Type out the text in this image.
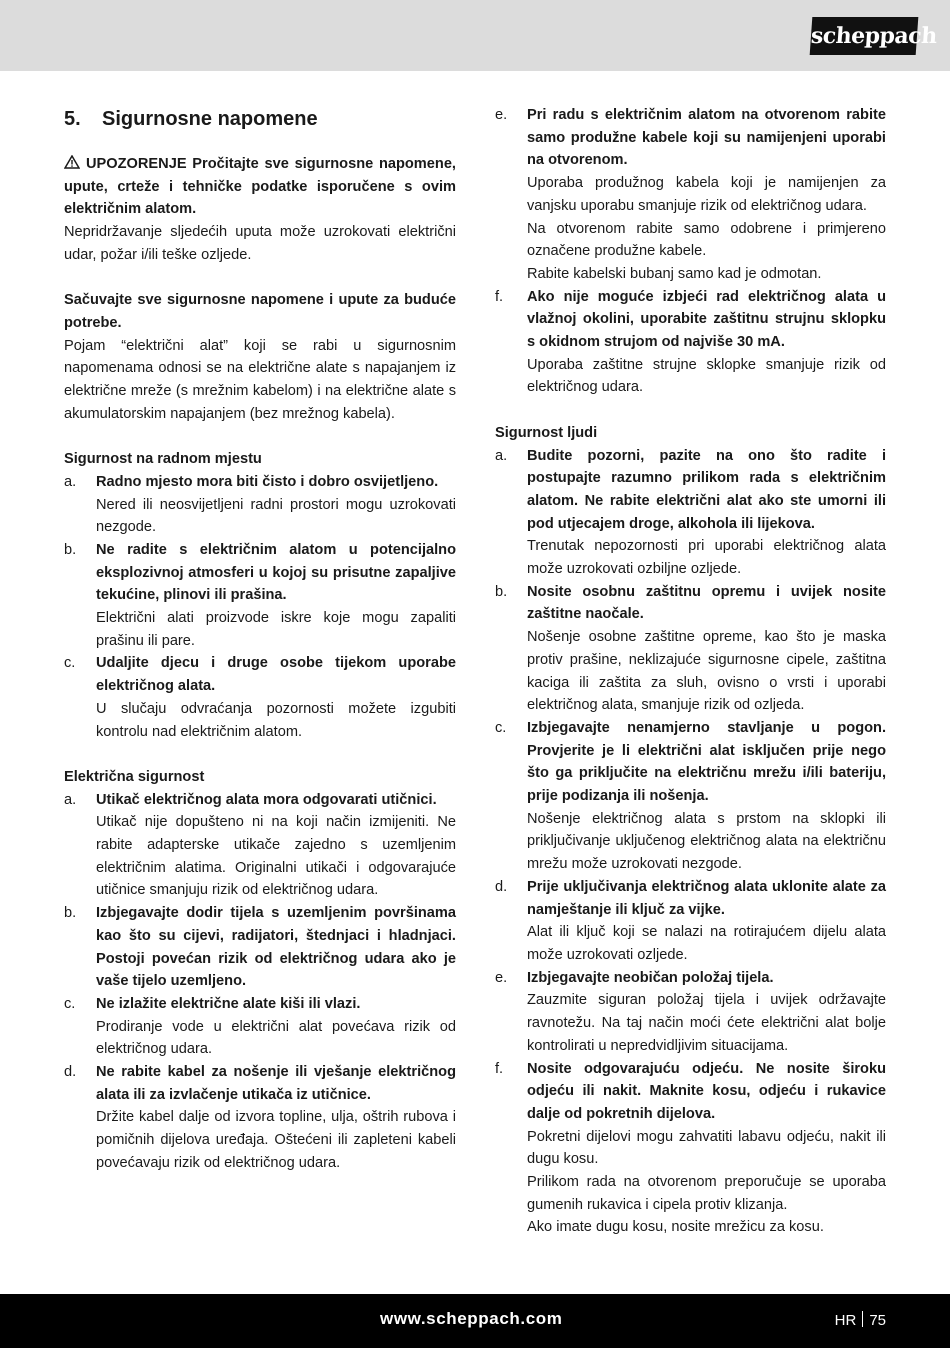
scheppach
5.	Sigurnosne napomene
UPOZORENJE Pročitajte sve sigurnosne napomene, upute, crteže i tehničke podatke isporučene s ovim električnim alatom.
Nepridržavanje sljedećih uputa može uzrokovati električni udar, požar i/ili teške ozljede.
Sačuvajte sve sigurnosne napomene i upute za buduće potrebe.
Pojam “električni alat” koji se rabi u sigurnosnim napomenama odnosi se na električne alate s napajanjem iz električne mreže (s mrežnim kabelom) i na električne alate s akumulatorskim napajanjem (bez mrežnog kabela).
Sigurnost na radnom mjestu
a.	Radno mjesto mora biti čisto i dobro osvijetljeno.
Nered ili neosvijetljeni radni prostori mogu uzrokovati nezgode.
b.	Ne radite s električnim alatom u potencijalno eksplozivnoj atmosferi u kojoj su prisutne zapaljive tekućine, plinovi ili prašina.
Električni alati proizvode iskre koje mogu zapaliti prašinu ili pare.
c.	Udaljite djecu i druge osobe tijekom uporabe električnog alata.
U slučaju odvraćanja pozornosti možete izgubiti kontrolu nad električnim alatom.
Električna sigurnost
a.	Utikač električnog alata mora odgovarati utičnici.
Utikač nije dopušteno ni na koji način izmijeniti. Ne rabite adapterske utikače zajedno s uzemljenim električnim alatima. Originalni utikači i odgovarajuće utičnice smanjuju rizik od električnog udara.
b.	Izbjegavajte dodir tijela s uzemljenim površinama kao što su cijevi, radijatori, štednjaci i hladnjaci. Postoji povećan rizik od električnog udara ako je vaše tijelo uzemljeno.
c.	Ne izlažite električne alate kiši ili vlazi.
Prodiranje vode u električni alat povećava rizik od električnog udara.
d.	Ne rabite kabel za nošenje ili vješanje električnog alata ili za izvlačenje utikača iz utičnice.
Držite kabel dalje od izvora topline, ulja, oštrih rubova i pomičnih dijelova uređaja. Oštećeni ili zapleteni kabeli povećavaju rizik od električnog udara.
e.	Pri radu s električnim alatom na otvorenom rabite samo produžne kabele koji su namijenjeni uporabi na otvorenom.
Uporaba produžnog kabela koji je namijenjen za vanjsku uporabu smanjuje rizik od električnog udara.
Na otvorenom rabite samo odobrene i primjereno označene produžne kabele.
Rabite kabelski bubanj samo kad je odmotan.
f.	Ako nije moguće izbjeći rad električnog alata u vlažnoj okolini, uporabite zaštitnu strujnu sklopku s okidnom strujom od najviše 30 mA.
Uporaba zaštitne strujne sklopke smanjuje rizik od električnog udara.
Sigurnost ljudi
a.	Budite pozorni, pazite na ono što radite i postupajte razumno prilikom rada s električnim alatom. Ne rabite električni alat ako ste umorni ili pod utjecajem droge, alkohola ili lijekova.
Trenutak nepozornosti pri uporabi električnog alata može uzrokovati ozbiljne ozljede.
b.	Nosite osobnu zaštitnu opremu i uvijek nosite zaštitne naočale.
Nošenje osobne zaštitne opreme, kao što je maska protiv prašine, neklizajuće sigurnosne cipele, zaštitna kaciga ili zaštita za sluh, ovisno o vrsti i uporabi električnog alata, smanjuje rizik od ozljeda.
c.	Izbjegavajte nenamjerno stavljanje u pogon. Provjerite je li električni alat isključen prije nego što ga priključite na električnu mrežu i/ili bateriju, prije podizanja ili nošenja.
Nošenje električnog alata s prstom na sklopki ili priključivanje uključenog električnog alata na električnu mrežu može uzrokovati nezgode.
d.	Prije uključivanja električnog alata uklonite alate za namještanje ili ključ za vijke.
Alat ili ključ koji se nalazi na rotirajućem dijelu alata može uzrokovati ozljede.
e.	Izbjegavajte neobičan položaj tijela.
Zauzmite siguran položaj tijela i uvijek održavajte ravnotežu. Na taj način moći ćete električni alat bolje kontrolirati u nepredvidljivim situacijama.
f.	Nosite odgovarajuću odjeću. Ne nosite široku odjeću ili nakit. Maknite kosu, odjeću i rukavice dalje od pokretnih dijelova.
Pokretni dijelovi mogu zahvatiti labavu odjeću, nakit ili dugu kosu.
Prilikom rada na otvorenom preporučuje se uporaba gumenih rukavica i cipela protiv klizanja.
Ako imate dugu kosu, nosite mrežicu za kosu.
www.scheppach.com	HR 75
